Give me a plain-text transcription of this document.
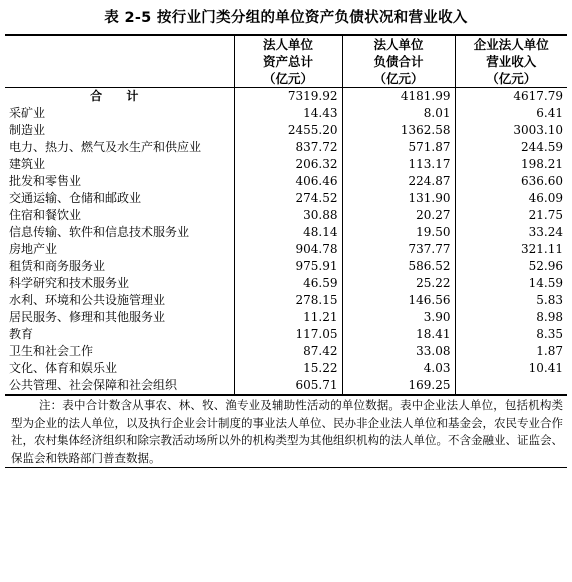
表 2-5 按行业门类分组的单位资产负债状况和营业收入

	法人单位
资产总计
（亿元）	法人单位
负债合计
（亿元）	企业法人单位
营业收入
（亿元）

合 计	7319.92	4181.99	4617.79
采矿业	14.43	8.01	6.41
制造业	2455.20	1362.58	3003.10
电力、热力、燃气及水生产和供应业	837.72	571.87	244.59
建筑业	206.32	113.17	198.21
批发和零售业	406.46	224.87	636.60
交通运输、仓储和邮政业	274.52	131.90	46.09
住宿和餐饮业	30.88	20.27	21.75
信息传输、软件和信息技术服务业	48.14	19.50	33.24
房地产业	904.78	737.77	321.11
租赁和商务服务业	975.91	586.52	52.96
科学研究和技术服务业	46.59	25.22	14.59
水利、环境和公共设施管理业	278.15	146.56	5.83
居民服务、修理和其他服务业	11.21	3.90	8.98
教育	117.05	18.41	8.35
卫生和社会工作	87.42	33.08	1.87
文化、体育和娱乐业	15.22	4.03	10.41
公共管理、社会保障和社会组织	605.71	169.25	
注：表中合计数含从事农、林、牧、渔专业及辅助性活动的单位数据。表中企业法人单位，包括机构类型为企业的法人单位，以及执行企业会计制度的事业法人单位、民办非企业法人单位和基金会，农民专业合作社，农村集体经济组织和除宗教活动场所以外的机构类型为其他组织机构的法人单位。不含金融业、证监会、保监会和铁路部门普查数据。			
